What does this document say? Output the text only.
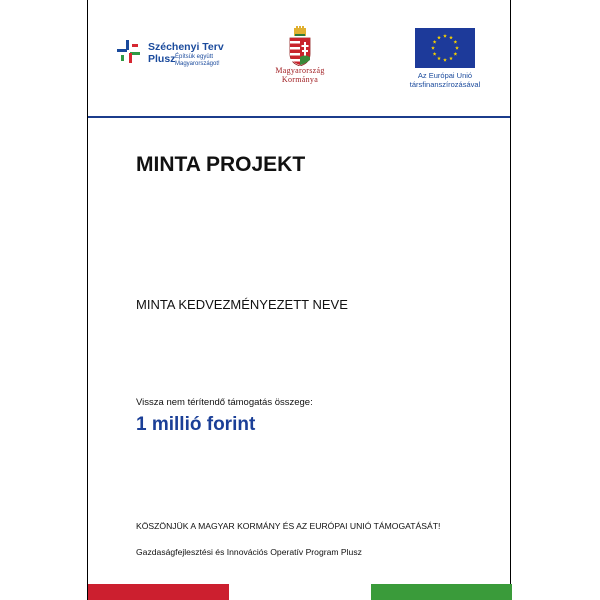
Széchenyi Terv
Plusz Építsük együtt
Magyarországot!
Magyarország
Kormánya	Az Európai Unió
társfinanszírozásával
MINTA PROJEKT
MINTA KEDVEZMÉNYEZETT NEVE
Vissza nem térítendő támogatás összege:
1 millió forint
KÖSZÖNJÜK A MAGYAR KORMÁNY ÉS AZ EURÓPAI UNIÓ TÁMOGATÁSÁT!
Gazdaságfejlesztési és Innovációs Operatív Program Plusz
